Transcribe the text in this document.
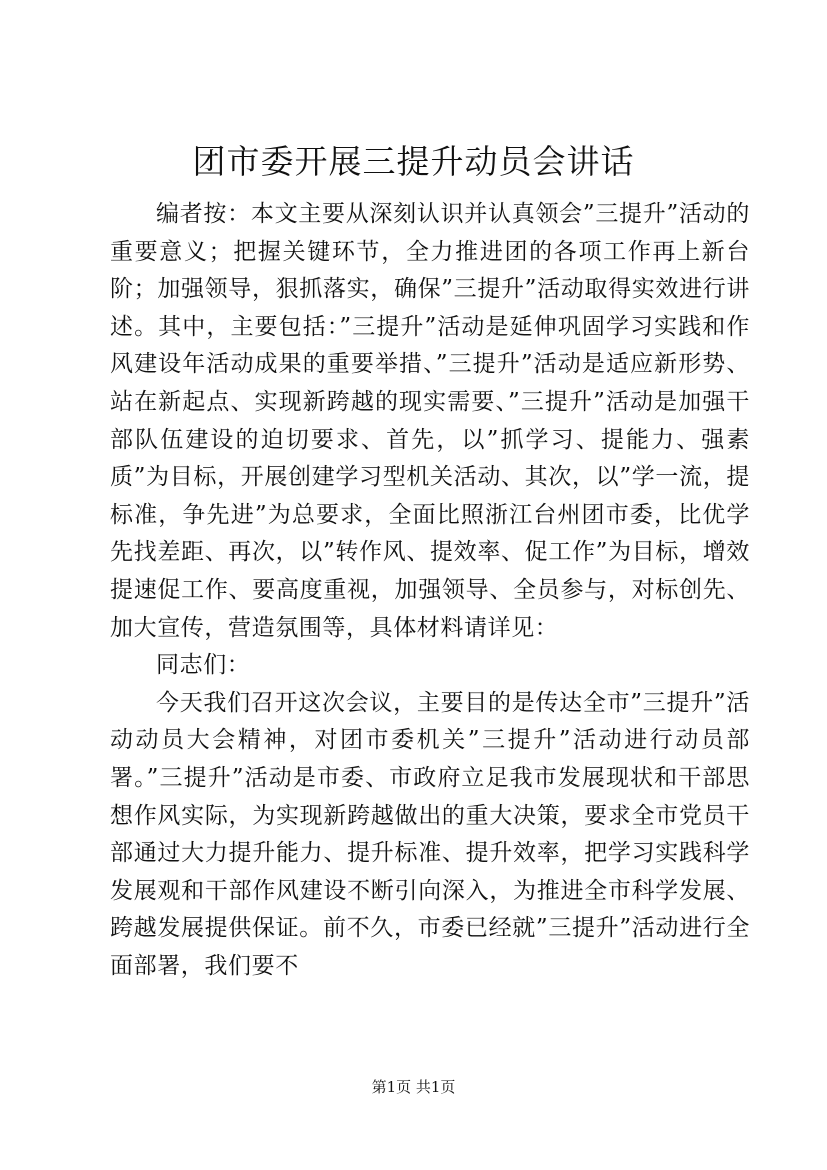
团市委开展三提升动员会讲话

编者按：本文主要从深刻认识并认真领会”三提升”活动的重要意义；把握关键环节，全力推进团的各项工作再上新台阶；加强领导，狠抓落实，确保”三提升”活动取得实效进行讲述。其中，主要包括：”三提升”活动是延伸巩固学习实践和作风建设年活动成果的重要举措、”三提升”活动是适应新形势、站在新起点、实现新跨越的现实需要、”三提升”活动是加强干部队伍建设的迫切要求、首先，以”抓学习、提能力、强素质”为目标，开展创建学习型机关活动、其次，以”学一流，提标准，争先进”为总要求，全面比照浙江台州团市委，比优学先找差距、再次，以”转作风、提效率、促工作”为目标，增效提速促工作、要高度重视，加强领导、全员参与，对标创先、加大宣传，营造氛围等，具体材料请详见：

同志们：

今天我们召开这次会议，主要目的是传达全市”三提升”活动动员大会精神，对团市委机关”三提升”活动进行动员部署。”三提升”活动是市委、市政府立足我市发展现状和干部思想作风实际，为实现新跨越做出的重大决策，要求全市党员干部通过大力提升能力、提升标准、提升效率，把学习实践科学发展观和干部作风建设不断引向深入，为推进全市科学发展、跨越发展提供保证。前不久，市委已经就”三提升”活动进行全面部署，我们要不

第1页 共1页
